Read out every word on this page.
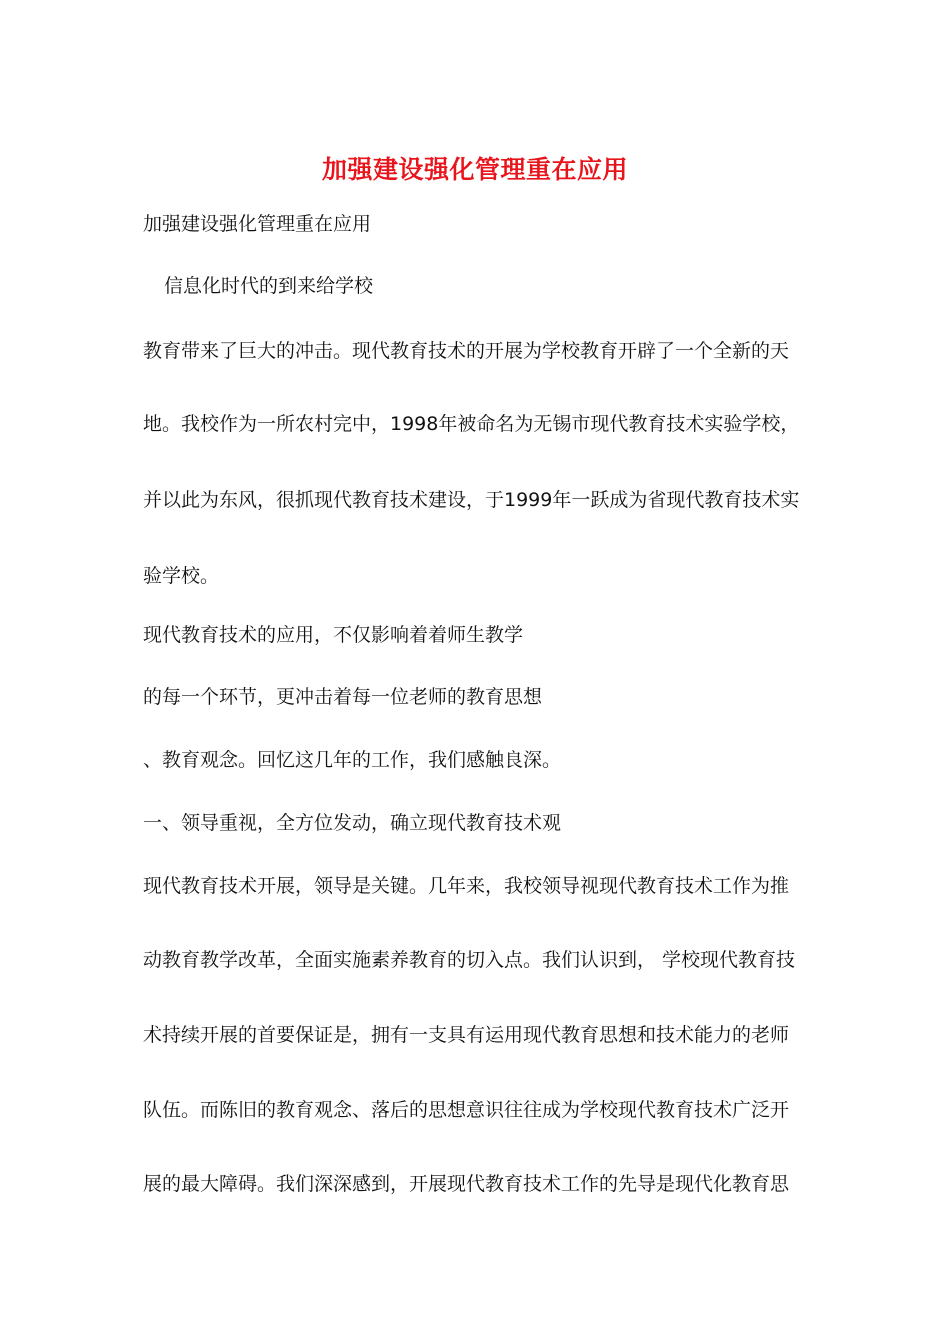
加强建设强化管理重在应用
加强建设强化管理重在应用
信息化时代的到来给学校
教育带来了巨大的冲击。现代教育技术的开展为学校教育开辟了一个全新的天
地。我校作为一所农村完中，1998年被命名为无锡市现代教育技术实验学校，
并以此为东风，很抓现代教育技术建设，于1999年一跃成为省现代教育技术实
验学校。
现代教育技术的应用，不仅影响着着师生教学
的每一个环节，更冲击着每一位老师的教育思想
、教育观念。回忆这几年的工作，我们感触良深。
一、领导重视，全方位发动，确立现代教育技术观
现代教育技术开展，领导是关键。几年来，我校领导视现代教育技术工作为推
动教育教学改革，全面实施素养教育的切入点。我们认识到， 学校现代教育技
术持续开展的首要保证是，拥有一支具有运用现代教育思想和技术能力的老师
队伍。而陈旧的教育观念、落后的思想意识往往成为学校现代教育技术广泛开
展的最大障碍。我们深深感到，开展现代教育技术工作的先导是现代化教育思
